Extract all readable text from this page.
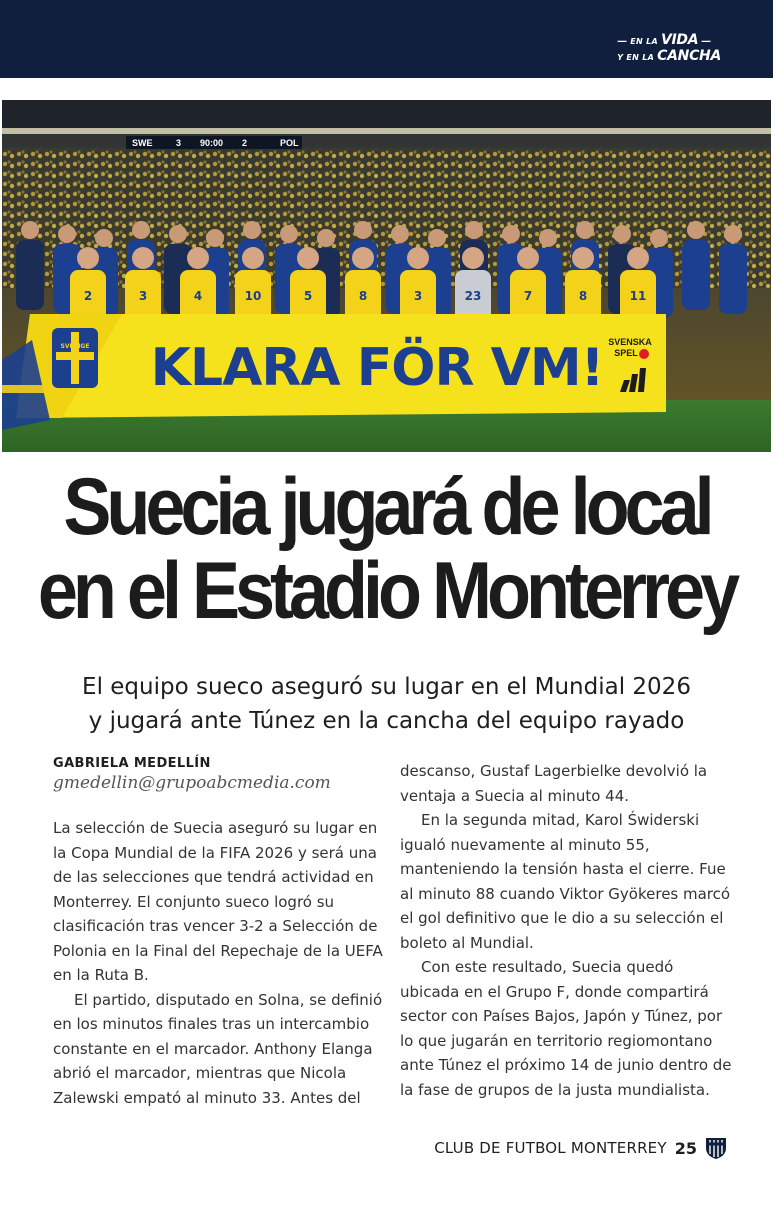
— EN LA VIDA —
Y EN LA CANCHA
SWE	3 90:00 2	POL
2	3	4	10	5	8	3	23	7	8	11
SVERIGE KLARA FÖR VM! SVENSKA
SPEL
Suecia jugará de local
en el Estadio Monterrey
El equipo sueco aseguró su lugar en el Mundial 2026
y jugará ante Túnez en la cancha del equipo rayado
GABRIELA MEDELLÍN
gmedellin@grupoabcmedia.com

La selección de Suecia aseguró su lugar en la Copa Mundial de la FIFA 2026 y será una de las selecciones que tendrá actividad en Monterrey. El conjunto sueco logró su clasificación tras vencer 3-2 a Selección de Polonia en la Final del Repechaje de la UEFA en la Ruta B.

El partido, disputado en Solna, se definió en los minutos finales tras un intercambio constante en el marcador. Anthony Elanga abrió el marcador, mientras que Nicola Zalewski empató al minuto 33. Antes del

descanso, Gustaf Lagerbielke devolvió la ventaja a Suecia al minuto 44.

En la segunda mitad, Karol Świderski igualó nuevamente al minuto 55, manteniendo la tensión hasta el cierre. Fue al minuto 88 cuando Viktor Gyökeres marcó el gol definitivo que le dio a su selección el boleto al Mundial.

Con este resultado, Suecia quedó ubicada en el Grupo F, donde compartirá sector con Países Bajos, Japón y Túnez, por lo que jugarán en territorio regiomontano ante Túnez el próximo 14 de junio dentro de la fase de grupos de la justa mundialista.

CLUB DE FUTBOL MONTERREY 25
